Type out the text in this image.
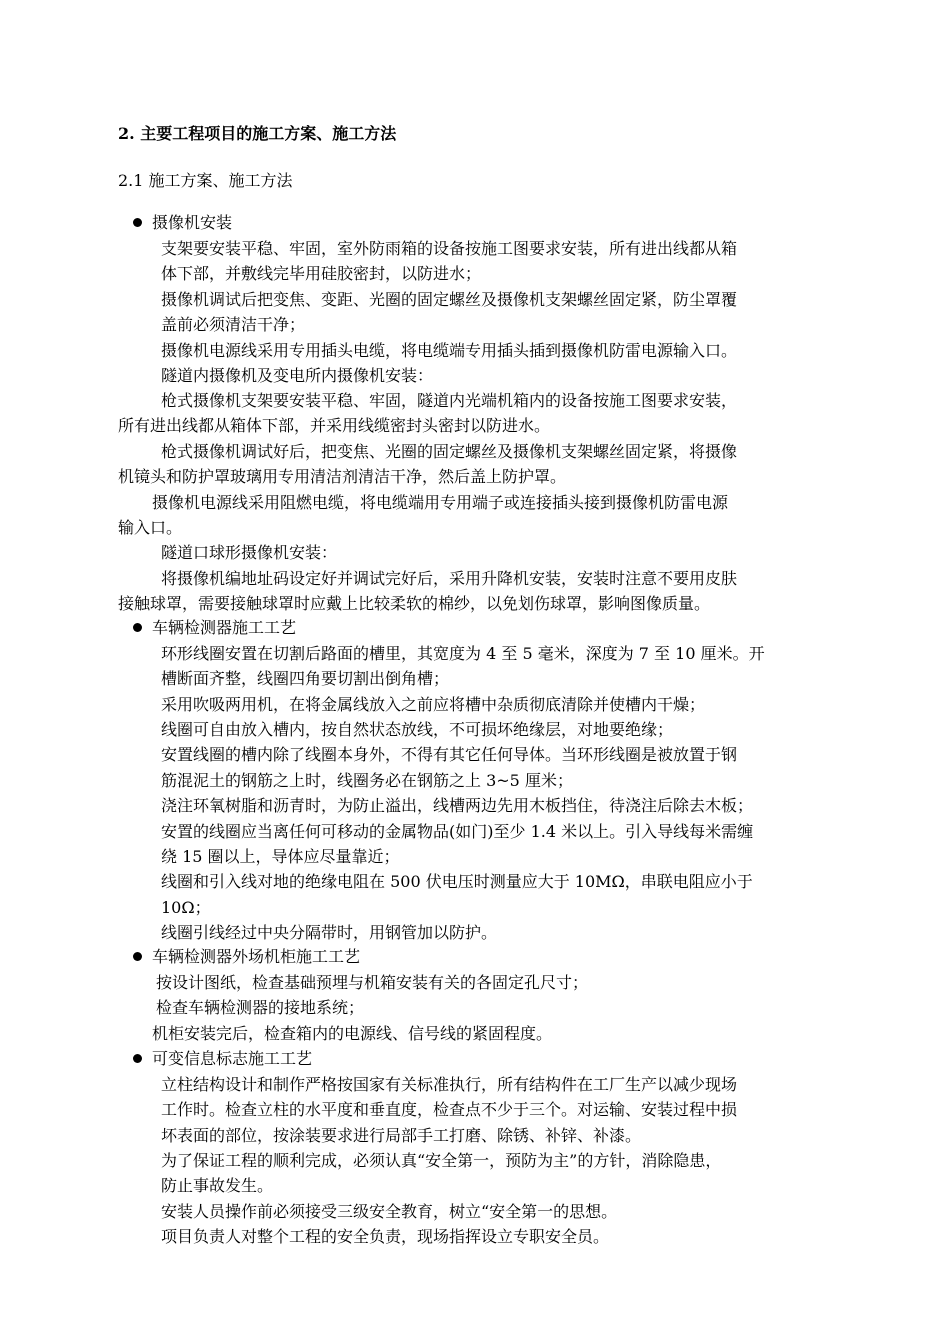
2. 主要工程项目的施工方案、施工方法
2.1 施工方案、施工方法
摄像机安装
支架要安装平稳、牢固，室外防雨箱的设备按施工图要求安装，所有进出线都从箱
体下部，并敷线完毕用硅胶密封，以防进水；
摄像机调试后把变焦、变距、光圈的固定螺丝及摄像机支架螺丝固定紧，防尘罩覆
盖前必须清洁干净；
摄像机电源线采用专用插头电缆，将电缆端专用插头插到摄像机防雷电源输入口。
隧道内摄像机及变电所内摄像机安装：
枪式摄像机支架要安装平稳、牢固，隧道内光端机箱内的设备按施工图要求安装，
所有进出线都从箱体下部，并采用线缆密封头密封以防进水。
枪式摄像机调试好后，把变焦、光圈的固定螺丝及摄像机支架螺丝固定紧，将摄像
机镜头和防护罩玻璃用专用清洁剂清洁干净，然后盖上防护罩。
摄像机电源线采用阻燃电缆，将电缆端用专用端子或连接插头接到摄像机防雷电源
输入口。
隧道口球形摄像机安装：
将摄像机编地址码设定好并调试完好后，采用升降机安装，安装时注意不要用皮肤
接触球罩，需要接触球罩时应戴上比较柔软的棉纱，以免划伤球罩，影响图像质量。
车辆检测器施工工艺
环形线圈安置在切割后路面的槽里，其宽度为 4 至 5 毫米，深度为 7 至 10 厘米。开
槽断面齐整，线圈四角要切割出倒角槽；
采用吹吸两用机，在将金属线放入之前应将槽中杂质彻底清除并使槽内干燥；
线圈可自由放入槽内，按自然状态放线，不可损坏绝缘层，对地要绝缘；
安置线圈的槽内除了线圈本身外，不得有其它任何导体。当环形线圈是被放置于钢
筋混泥土的钢筋之上时，线圈务必在钢筋之上 3~5 厘米；
浇注环氧树脂和沥青时，为防止溢出，线槽两边先用木板挡住，待浇注后除去木板；
安置的线圈应当离任何可移动的金属物品(如门)至少 1.4 米以上。引入导线每米需缠
绕 15 圈以上，导体应尽量靠近；
线圈和引入线对地的绝缘电阻在 500 伏电压时测量应大于 10MΩ，串联电阻应小于
10Ω；
线圈引线经过中央分隔带时，用钢管加以防护。
车辆检测器外场机柜施工工艺
按设计图纸，检查基础预埋与机箱安装有关的各固定孔尺寸；
检查车辆检测器的接地系统；
机柜安装完后，检查箱内的电源线、信号线的紧固程度。
可变信息标志施工工艺
立柱结构设计和制作严格按国家有关标准执行，所有结构件在工厂生产以减少现场
工作时。检查立柱的水平度和垂直度，检查点不少于三个。对运输、安装过程中损
坏表面的部位，按涂装要求进行局部手工打磨、除锈、补锌、补漆。
为了保证工程的顺利完成，必须认真“安全第一，预防为主”的方针，消除隐患，
防止事故发生。
安装人员操作前必须接受三级安全教育，树立“安全第一的思想。
项目负责人对整个工程的安全负责，现场指挥设立专职安全员。
